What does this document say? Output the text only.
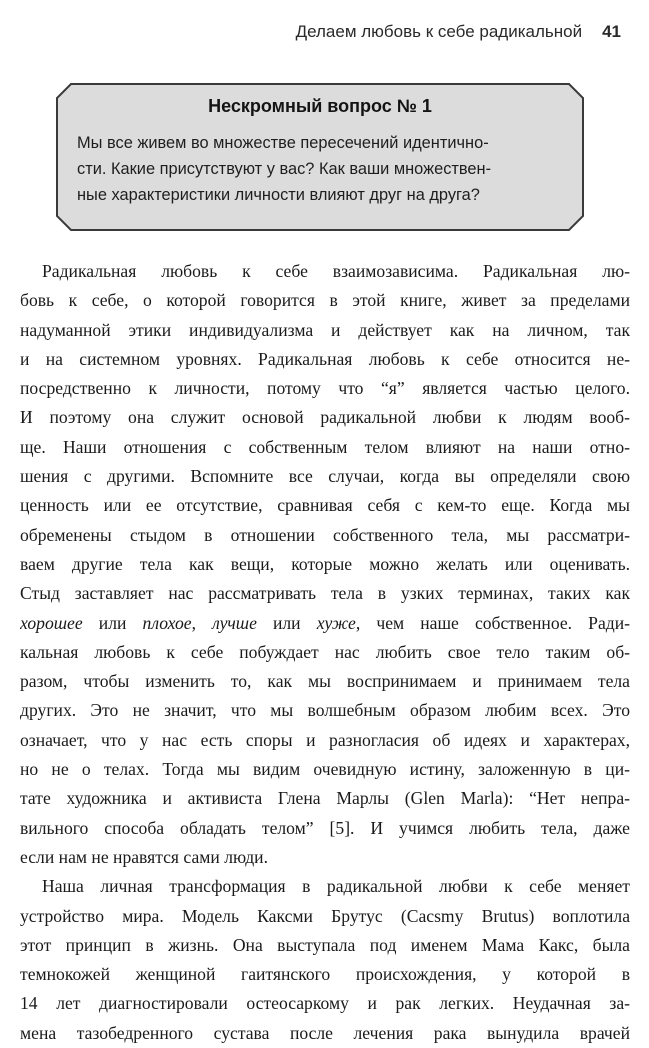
Делаем любовь к себе радикальной 41
Нескромный вопрос № 1
Мы все живем во множестве пересечений идентично-
сти. Какие присутствуют у вас? Как ваши множествен-
ные характеристики личности влияют друг на друга?
Радикальная любовь к себе взаимозависима. Радикальная лю-
бовь к себе, о которой говорится в этой книге, живет за пределами
надуманной этики индивидуализма и действует как на личном, так
и на системном уровнях. Радикальная любовь к себе относится не-
посредственно к личности, потому что “я” является частью целого.
И поэтому она служит основой радикальной любви к людям вооб-
ще. Наши отношения с собственным телом влияют на наши отно-
шения с другими. Вспомните все случаи, когда вы определяли свою
ценность или ее отсутствие, сравнивая себя с кем-то еще. Когда мы
обременены стыдом в отношении собственного тела, мы рассматри-
ваем другие тела как вещи, которые можно желать или оценивать.
Стыд заставляет нас рассматривать тела в узких терминах, таких как
хорошее или плохое, лучше или хуже, чем наше собственное. Ради-
кальная любовь к себе побуждает нас любить свое тело таким об-
разом, чтобы изменить то, как мы воспринимаем и принимаем тела
других. Это не значит, что мы волшебным образом любим всех. Это
означает, что у нас есть споры и разногласия об идеях и характерах,
но не о телах. Тогда мы видим очевидную истину, заложенную в ци-
тате художника и активиста Глена Марлы (Glen Marla): “Нет непра-
вильного способа обладать телом” [5]. И учимся любить тела, даже
если нам не нравятся сами люди.
Наша личная трансформация в радикальной любви к себе меняет
устройство мира. Модель Каксми Брутус (Cacsmy Brutus) воплотила
этот принцип в жизнь. Она выступала под именем Мама Какс, была
темнокожей женщиной гаитянского происхождения, у которой в
14 лет диагностировали остеосаркому и рак легких. Неудачная за-
мена тазобедренного сустава после лечения рака вынудила врачей
